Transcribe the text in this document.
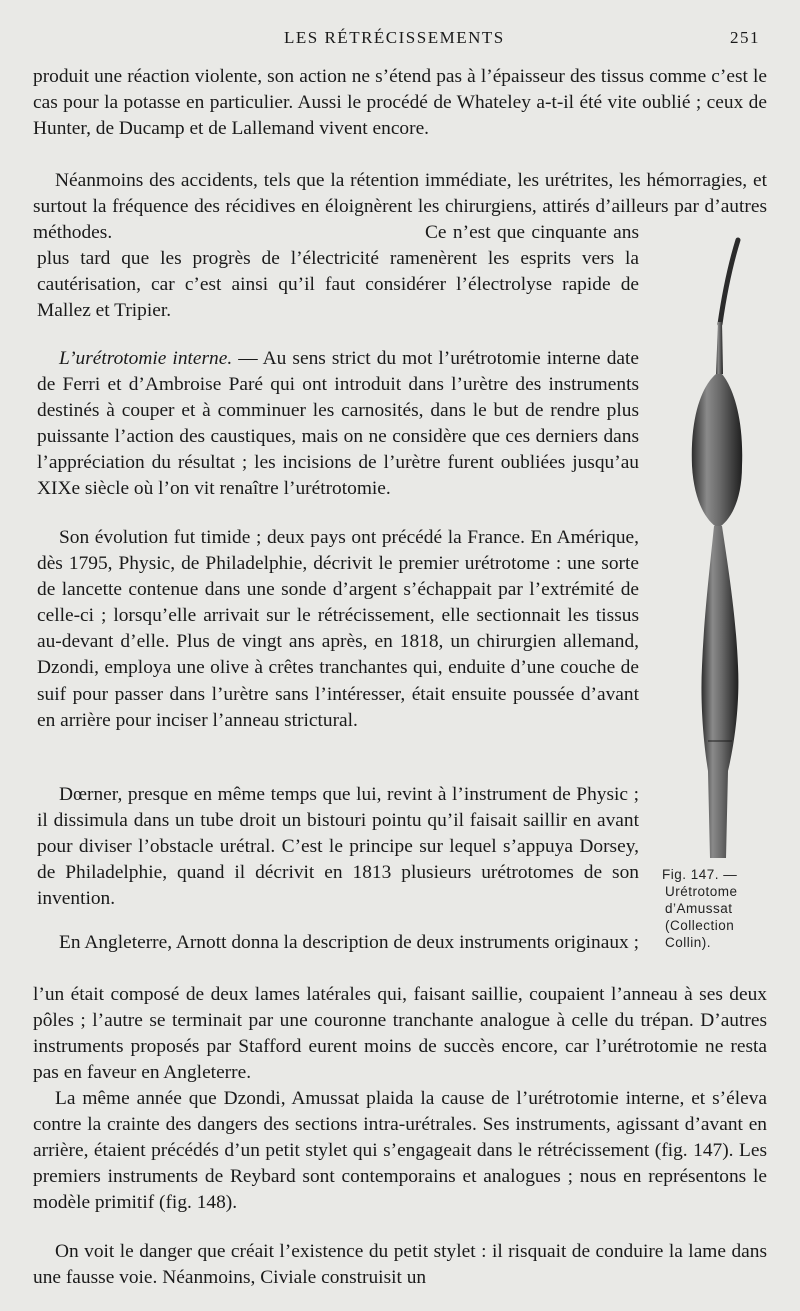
LES RÉTRÉCISSEMENTS	251

produit une réaction violente, son action ne s’étend pas à l’épaisseur des tissus comme c’est le cas pour la potasse en particulier. Aussi le procédé de Whateley a-t-il été vite oublié ; ceux de Hunter, de Ducamp et de Lallemand vivent encore.

Néanmoins des accidents, tels que la rétention immédiate, les urétrites, les hémorragies, et surtout la fréquence des récidives en éloignèrent les chirurgiens, attirés d’ailleurs par d’autres méthodes.	Ce n’est que cinquante ans plus tard que les progrès de l’électricité ramenèrent les esprits vers la cautérisation, car c’est ainsi qu’il faut considérer l’électrolyse rapide de Mallez et Tripier.

L’urétrotomie interne. — Au sens strict du mot l’urétrotomie interne date de Ferri et d’Ambroise Paré qui ont introduit dans l’urètre des instruments destinés à couper et à comminuer les carnosités, dans le but de rendre plus puissante l’action des caustiques, mais on ne considère que ces derniers dans l’appréciation du résultat ; les incisions de l’urètre furent oubliées jusqu’au XIXe siècle où l’on vit renaître l’urétrotomie.

Son évolution fut timide ; deux pays ont précédé la France. En Amérique, dès 1795, Physic, de Philadelphie, décrivit le premier urétrotome : une sorte de lancette contenue dans une sonde d’argent s’échappait par l’extrémité de celle-ci ; lorsqu’elle arrivait sur le rétrécissement, elle sectionnait les tissus au-devant d’elle. Plus de vingt ans après, en 1818, un chirurgien allemand, Dzondi, employa une olive à crêtes tranchantes qui, enduite d’une couche de suif pour passer dans l’urètre sans l’intéresser, était ensuite poussée d’avant en arrière pour inciser l’anneau strictural.

Dœrner, presque en même temps que lui, revint à l’instrument de Physic ; il dissimula dans un tube droit un bistouri pointu qu’il faisait saillir en avant pour diviser l’obstacle urétral. C’est le principe sur lequel s’appuya Dorsey, de Philadelphie, quand il décrivit en 1813 plusieurs urétrotomes de son invention.

En Angleterre, Arnott donna la description de deux instruments originaux ;

l’un était composé de deux lames latérales qui, faisant saillie, coupaient l’anneau à ses deux pôles ; l’autre se terminait par une couronne tranchante analogue à celle du trépan. D’autres instruments proposés par Stafford eurent moins de succès encore, car l’urétrotomie ne resta pas en faveur en Angleterre.

La même année que Dzondi, Amussat plaida la cause de l’urétrotomie interne, et s’éleva contre la crainte des dangers des sections intra-urétrales. Ses instruments, agissant d’avant en arrière, étaient précédés d’un petit stylet qui s’engageait dans le rétrécissement (fig. 147). Les premiers instruments de Reybard sont contemporains et analogues ; nous en représentons le modèle primitif (fig. 148).

On voit le danger que créait l’existence du petit stylet : il risquait de conduire la lame dans une fausse voie. Néanmoins, Civiale construisit un

Fig. 147. —
Urétrotome
d’Amussat
(Collection
Collin).
